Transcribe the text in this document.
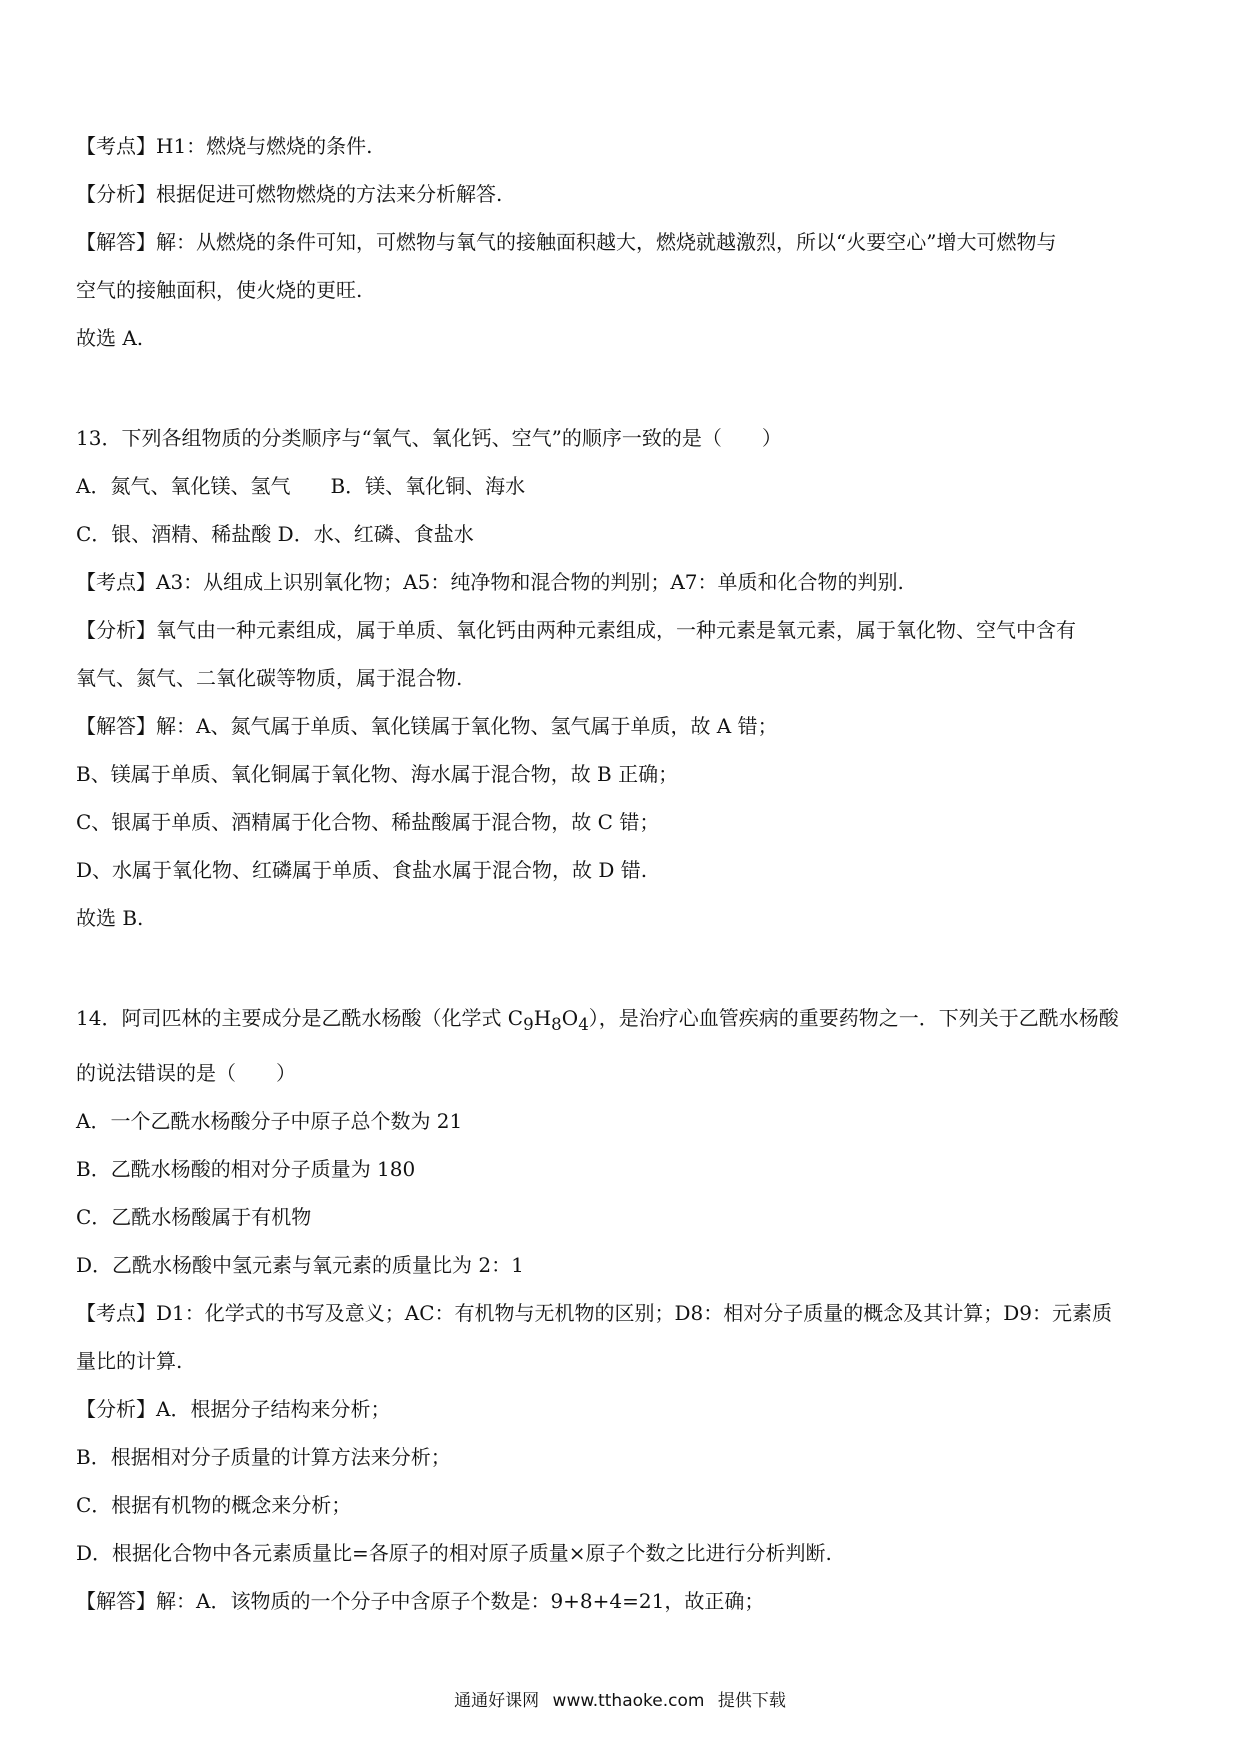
【考点】H1：燃烧与燃烧的条件.

【分析】根据促进可燃物燃烧的方法来分析解答.

【解答】解：从燃烧的条件可知，可燃物与氧气的接触面积越大，燃烧就越激烈，所以“火要空心”增大可燃物与

空气的接触面积，使火烧的更旺.

故选 A.

13．下列各组物质的分类顺序与“氧气、氧化钙、空气”的顺序一致的是（　　）

A．氮气、氧化镁、氢气　　B．镁、氧化铜、海水

C．银、酒精、稀盐酸 D．水、红磷、食盐水

【考点】A3：从组成上识别氧化物；A5：纯净物和混合物的判别；A7：单质和化合物的判别.

【分析】氧气由一种元素组成，属于单质、氧化钙由两种元素组成，一种元素是氧元素，属于氧化物、空气中含有

氧气、氮气、二氧化碳等物质，属于混合物.

【解答】解：A、氮气属于单质、氧化镁属于氧化物、氢气属于单质，故 A 错；

B、镁属于单质、氧化铜属于氧化物、海水属于混合物，故 B 正确；

C、银属于单质、酒精属于化合物、稀盐酸属于混合物，故 C 错；

D、水属于氧化物、红磷属于单质、食盐水属于混合物，故 D 错.

故选 B.

14．阿司匹林的主要成分是乙酰水杨酸（化学式 $C_9H_8O_4$），是治疗心血管疾病的重要药物之一．下列关于乙酰水杨酸

的说法错误的是（　　）

A．一个乙酰水杨酸分子中原子总个数为 21

B．乙酰水杨酸的相对分子质量为 180

C．乙酰水杨酸属于有机物

D．乙酰水杨酸中氢元素与氧元素的质量比为 2：1

【考点】D1：化学式的书写及意义；AC：有机物与无机物的区别；D8：相对分子质量的概念及其计算；D9：元素质

量比的计算.

【分析】A．根据分子结构来分析；

B．根据相对分子质量的计算方法来分析；

C．根据有机物的概念来分析；

D．根据化合物中各元素质量比=各原子的相对原子质量×原子个数之比进行分析判断.

【解答】解：A．该物质的一个分子中含原子个数是：9+8+4=21，故正确；

通通好课网 www.tthaoke.com 提供下载
